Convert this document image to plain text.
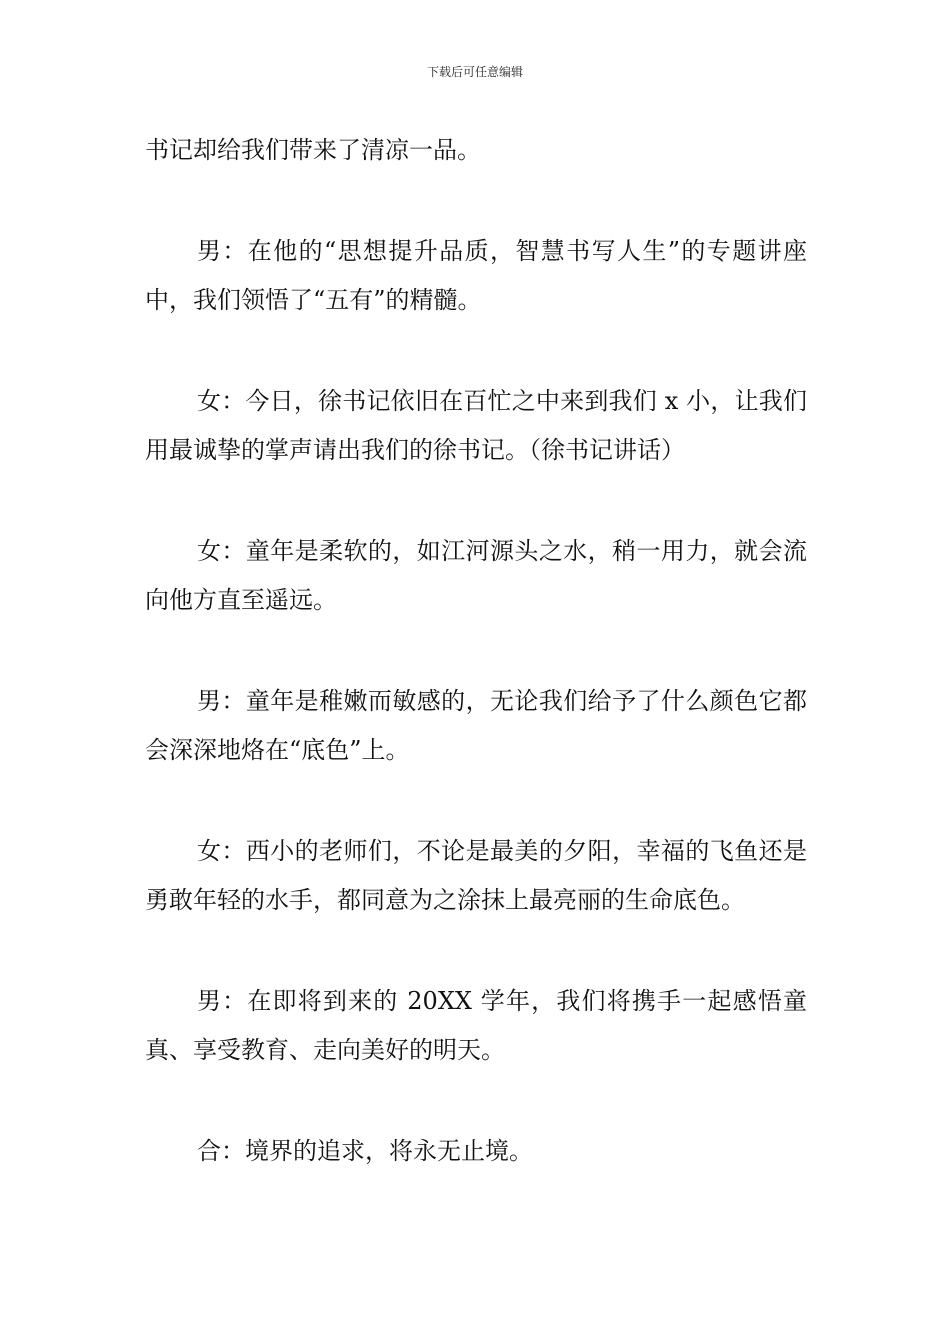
下载后可任意编辑

书记却给我们带来了清凉一品。

男：在他的“思想提升品质，智慧书写人生”的专题讲座中，我们领悟了“五有”的精髓。

女：今日，徐书记依旧在百忙之中来到我们 x 小，让我们用最诚挚的掌声请出我们的徐书记。（徐书记讲话）

女：童年是柔软的，如江河源头之水，稍一用力，就会流向他方直至遥远。

男：童年是稚嫩而敏感的，无论我们给予了什么颜色它都会深深地烙在“底色”上。

女：西小的老师们，不论是最美的夕阳，幸福的飞鱼还是勇敢年轻的水手，都同意为之涂抹上最亮丽的生命底色。

男：在即将到来的 20XX 学年，我们将携手一起感悟童真、享受教育、走向美好的明天。

合：境界的追求，将永无止境。
